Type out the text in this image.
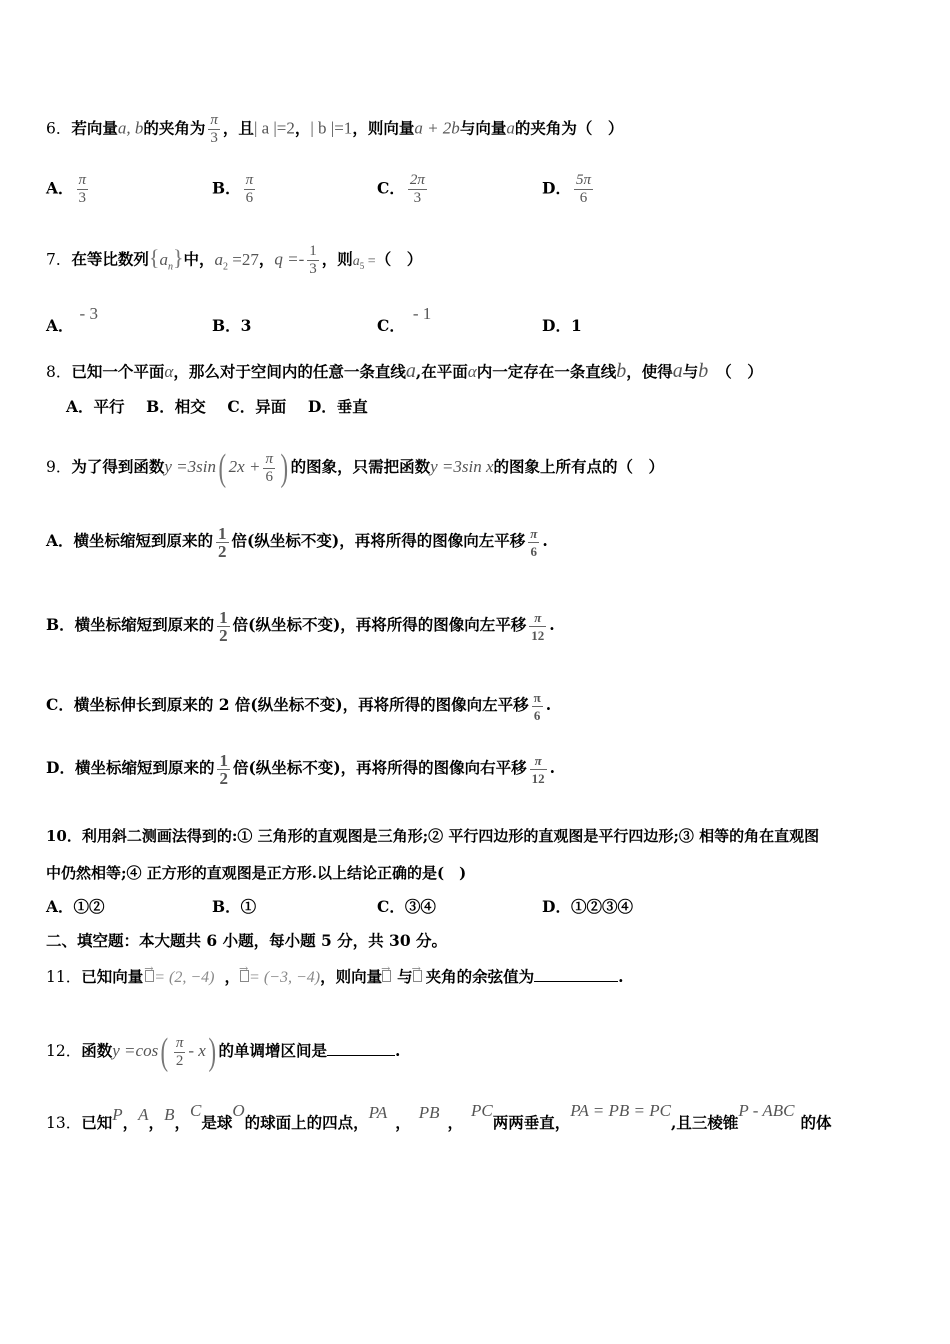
6．若向量a, b的夹角为 $\frac{\pi}{3}$ ，且| a |=2，| b |=1，则向量a + 2b与向量a的夹角为（　）
A． $\frac{\pi}{3}$	B． $\frac{\pi}{6}$	C． $\frac{2\pi}{3}$	D． $\frac{5\pi}{6}$
7．在等比数列$\{a_n\}$中，$a_2 =27$，$q =- \frac{1}{3}$ ，则$a_5$ =（　）
A．- 3
B．3	C．- 1
D．1
8．已知一个平面α，那么对于空间内的任意一条直线a,在平面α内一定存在一条直线b，使得a与b （　）
A．平行 B．相交 C．异面 D．垂直
9．为了得到函数y =3sin( $2x + \frac{\pi}{6}$ ) 的图象，只需把函数y =3sin x的图象上所有点的（　）
A．横坐标缩短到原来的 $\frac{1}{2}$ 倍(纵坐标不变)，再将所得的图像向左平移 $\frac{\pi}{6}$ .
B．横坐标缩短到原来的 $\frac{1}{2}$ 倍(纵坐标不变)，再将所得的图像向左平移 $\frac{\pi}{12}$ .
C．横坐标伸长到原来的 2 倍(纵坐标不变)，再将所得的图像向左平移 $\frac{\pi}{6}$ .
D．横坐标缩短到原来的 $\frac{1}{2}$ 倍(纵坐标不变)，再将所得的图像向右平移 $\frac{\pi}{12}$ .
10．利用斜二测画法得到的:① 三角形的直观图是三角形;② 平行四边形的直观图是平行四边形;③ 相等的角在直观图
中仍然相等;④ 正方形的直观图是正方形.以上结论正确的是(　)
A．①②	B．①	C．③④	D．①②③④
二、填空题：本大题共 6 小题，每小题 5 分，共 30 分。
11．已知向量 →
= (2, −4) ， →
= (−3, −4)，则向量 → 与 → 夹角的余弦值为	.
12．函数$y =\cos( \frac{\pi}{2} - x)$ 的单调增区间是	.
13．已知P，A，B，C是球O的球面上的四点，PA，PB，PC两两垂直，PA = PB = PC,且三棱锥P - ABC的体
